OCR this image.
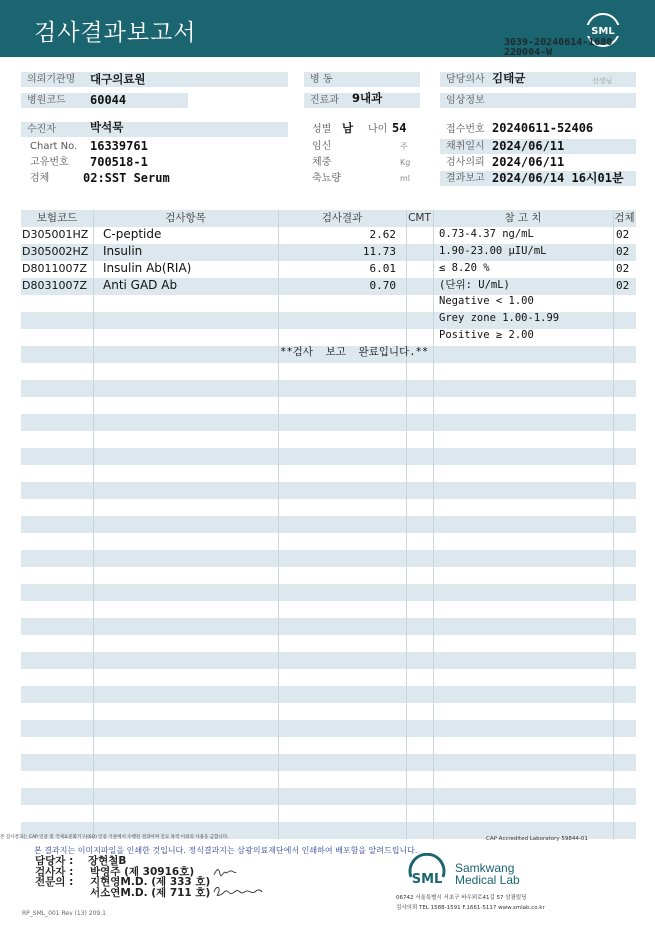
검사결과보고서	SML
3039-20240614-1680
220004-W
의뢰기관명	대구의료원
병원코드	60044
수진자	박석묵
Chart No. 16339761
고유번호 700518-1
검체	02:SST Serum
병 동
진료과	9내과
성별 남 나이 54
임신	주
체중	Kg
축뇨량	ml
담당의사 김태균	선생님
임상정보
접수번호 20240611-52406
채취일시 2024/06/11
검사의뢰 2024/06/11
결과보고 2024/06/14 16시01분
보험코드	검사항목	검사결과	CMT	참 고 치	검체
D305001HZ C-peptide	2.62	0.73-4.37 ng/mL	02
D305002HZ Insulin	11.73	1.90-23.00 μIU/mL	02
D8011007Z Insulin Ab(RIA)	6.01	≤ 8.20 %	02
D8031007Z Anti GAD Ab	0.70	(단위: U/mL)	02
Negative < 1.00
Grey zone 1.00-1.99
Positive ≥ 2.00
**검사  보고  완료입니다.**
본 검사결과는 CAP 인증 및 국제표준화기구(ISO) 인증 기관에서 수행된 결과이며 진료 목적 이외의 사용을 금합니다.	CAP Accredited Laboratory 59844-01
본 결과지는 이미지파일을 인쇄한 것입니다. 정식결과지는 삼광의료재단에서 인쇄하여 배포함을 알려드립니다.
담당자 : 장현철B
검사자 : 박영주 (제 30916호)
전문의 : 지현영M.D. (제 333 호)
서소연M.D. (제 711 호)
SML
Samkwang
Medical Lab
06742 서울특별시 서초구 바우뫼로41길 57 삼광빌딩
검사의뢰 TEL 1588-1591 F.1661-5117 www.smlab.co.kr
RP_SML_001 Rev (13) 209.1
